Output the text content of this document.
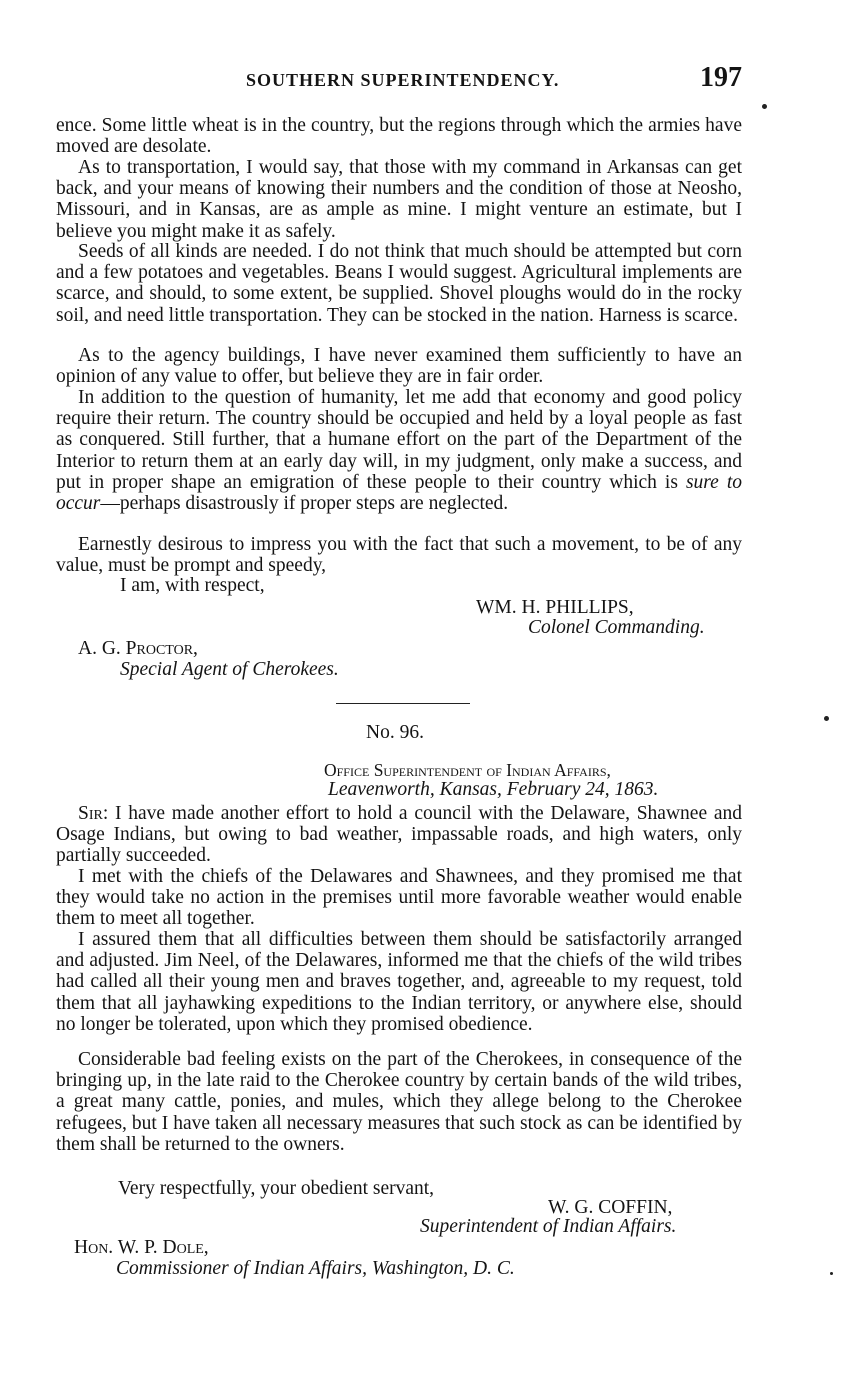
SOUTHERN SUPERINTENDENCY.	197

ence. Some little wheat is in the country, but the regions through which the armies have moved are desolate.

As to transportation, I would say, that those with my command in Arkansas can get back, and your means of knowing their numbers and the condition of those at Neosho, Missouri, and in Kansas, are as ample as mine. I might venture an estimate, but I believe you might make it as safely.

Seeds of all kinds are needed. I do not think that much should be attempted but corn and a few potatoes and vegetables. Beans I would suggest. Agricultural implements are scarce, and should, to some extent, be supplied. Shovel ploughs would do in the rocky soil, and need little transportation. They can be stocked in the nation. Harness is scarce.

As to the agency buildings, I have never examined them sufficiently to have an opinion of any value to offer, but believe they are in fair order.

In addition to the question of humanity, let me add that economy and good policy require their return. The country should be occupied and held by a loyal people as fast as conquered. Still further, that a humane effort on the part of the Department of the Interior to return them at an early day will, in my judgment, only make a success, and put in proper shape an emigration of these people to their country which is sure to occur—perhaps disastrously if proper steps are neglected.

Earnestly desirous to impress you with the fact that such a movement, to be of any value, must be prompt and speedy,

I am, with respect,
WM. H. PHILLIPS,
Colonel Commanding.
A. G. Proctor,
Special Agent of Cherokees.
No. 96.
Office Superintendent of Indian Affairs,
Leavenworth, Kansas, February 24, 1863.

Sir: I have made another effort to hold a council with the Delaware, Shawnee and Osage Indians, but owing to bad weather, impassable roads, and high waters, only partially succeeded.

I met with the chiefs of the Delawares and Shawnees, and they promised me that they would take no action in the premises until more favorable weather would enable them to meet all together.

I assured them that all difficulties between them should be satisfactorily arranged and adjusted. Jim Neel, of the Delawares, informed me that the chiefs of the wild tribes had called all their young men and braves together, and, agreeable to my request, told them that all jayhawking expeditions to the Indian territory, or anywhere else, should no longer be tolerated, upon which they promised obedience.

Considerable bad feeling exists on the part of the Cherokees, in consequence of the bringing up, in the late raid to the Cherokee country by certain bands of the wild tribes, a great many cattle, ponies, and mules, which they allege belong to the Cherokee refugees, but I have taken all necessary measures that such stock as can be identified by them shall be returned to the owners.

Very respectfully, your obedient servant,
W. G. COFFIN,
Superintendent of Indian Affairs.
Hon. W. P. Dole,
Commissioner of Indian Affairs, Washington, D. C.
